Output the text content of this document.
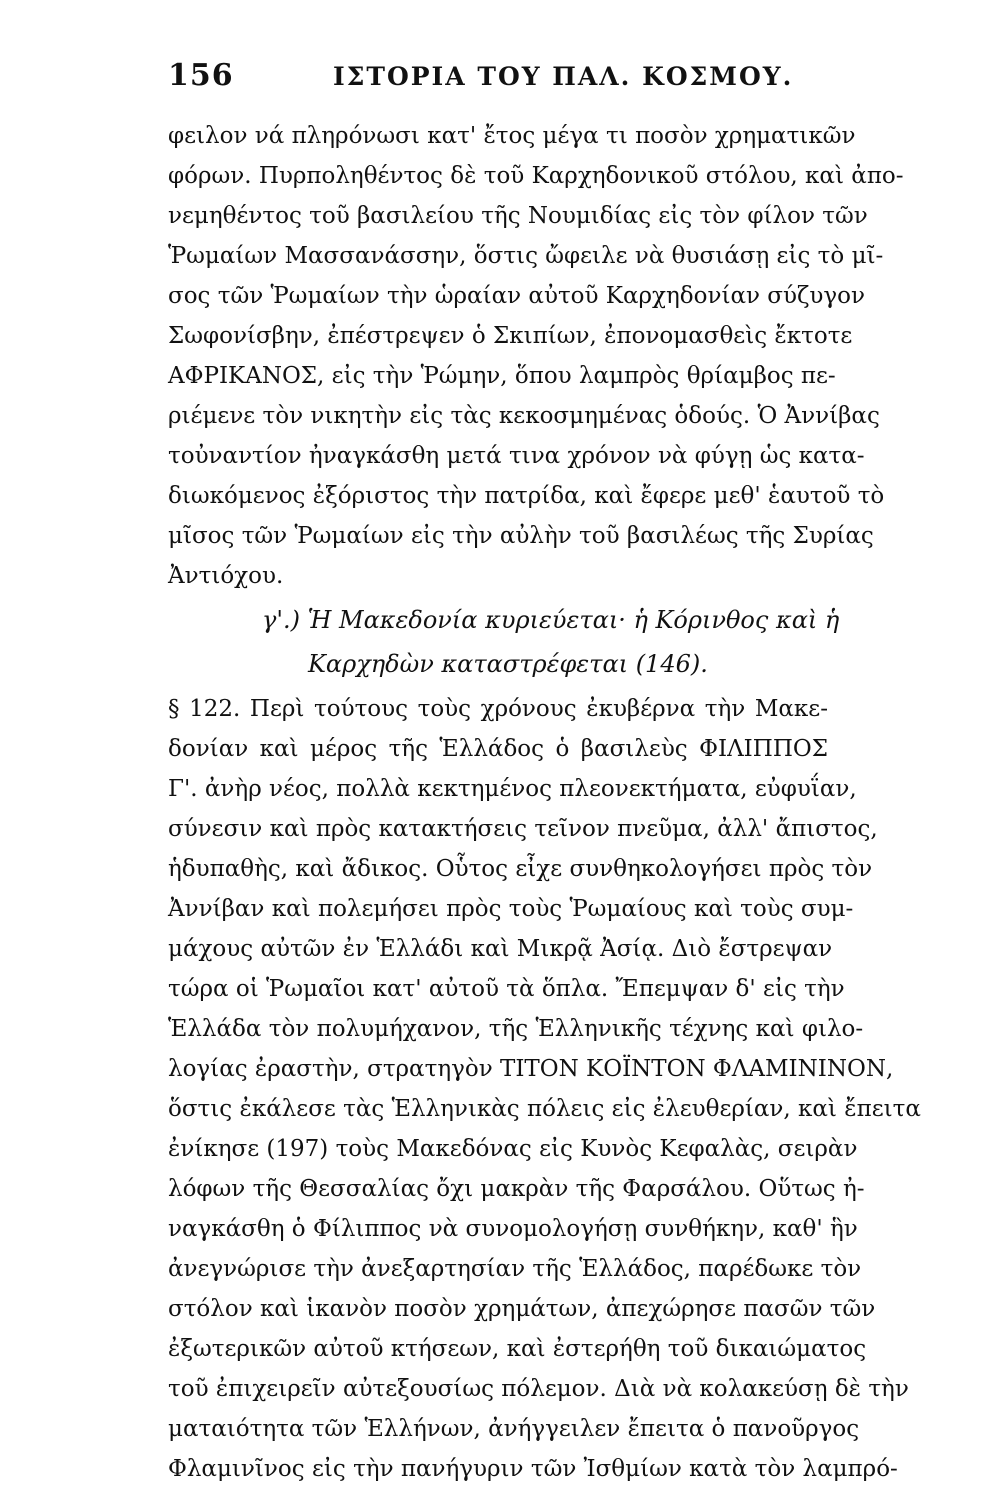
156	ΙΣΤΟΡΙΑ ΤΟΥ ΠΑΛ. ΚΟΣΜΟΥ.
φειλον νά πληρόνωσι κατ' ἔτος μέγα τι ποσὸν χρηματικῶν
φόρων. Πυρποληθέντος δὲ τοῦ Καρχηδονικοῦ στόλου, καὶ ἀπο-
νεμηθέντος τοῦ βασιλείου τῆς Νουμιδίας εἰς τὸν φίλον τῶν
Ῥωμαίων Μασσανάσσην, ὅστις ὤφειλε νὰ θυσιάσῃ εἰς τὸ μῖ-
σος τῶν Ῥωμαίων τὴν ὡραίαν αὐτοῦ Καρχηδονίαν σύζυγον
Σωφονίσβην, ἐπέστρεψεν ὁ Σκιπίων, ἐπονομασθεὶς ἔκτοτε
ΑΦΡΙΚΑΝΟΣ, εἰς τὴν Ῥώμην, ὅπου λαμπρὸς θρίαμβος πε-
ριέμενε τὸν νικητὴν εἰς τὰς κεκοσμημένας ὁδούς. Ὁ Ἀννίβας
τοὐναντίον ἠναγκάσθη μετά τινα χρόνον νὰ φύγῃ ὡς κατα-
διωκόμενος ἐξόριστος τὴν πατρίδα, καὶ ἔφερε μεθ' ἑαυτοῦ τὸ
μῖσος τῶν Ῥωμαίων εἰς τὴν αὐλὴν τοῦ βασιλέως τῆς Συρίας
Ἀντιόχου.
γ'.) Ἡ Μακεδονία κυριεύεται· ἡ Κόρινθος καὶ ἡ
Καρχηδὼν καταστρέφεται (146).
§ 122. Περὶ τούτους τοὺς χρόνους ἐκυβέρνα τὴν Μακε-
δονίαν καὶ μέρος τῆς Ἑλλάδος ὁ βασιλεὺς ΦΙΛΙΠΠΟΣ
Γ'. ἀνὴρ νέος, πολλὰ κεκτημένος πλεονεκτήματα, εὐφυΐαν,
σύνεσιν καὶ πρὸς κατακτήσεις τεῖνον πνεῦμα, ἀλλ' ἄπιστος,
ἡδυπαθὴς, καὶ ἄδικος. Οὗτος εἶχε συνθηκολογήσει πρὸς τὸν
Ἀννίβαν καὶ πολεμήσει πρὸς τοὺς Ῥωμαίους καὶ τοὺς συμ-
μάχους αὐτῶν ἐν Ἑλλάδι καὶ Μικρᾷ Ἀσίᾳ. Διὸ ἔστρεψαν
τώρα οἱ Ῥωμαῖοι κατ' αὐτοῦ τὰ ὅπλα. Ἔπεμψαν δ' εἰς τὴν
Ἑλλάδα τὸν πολυμήχανον, τῆς Ἑλληνικῆς τέχνης καὶ φιλο-
λογίας ἐραστὴν, στρατηγὸν ΤΙΤΟΝ ΚΟΪΝΤΟΝ ΦΛΑΜΙΝΙΝΟΝ,
ὅστις ἐκάλεσε τὰς Ἑλληνικὰς πόλεις εἰς ἐλευθερίαν, καὶ ἔπειτα
ἐνίκησε (197) τοὺς Μακεδόνας εἰς Κυνὸς Κεφαλὰς, σειρὰν
λόφων τῆς Θεσσαλίας ὄχι μακρὰν τῆς Φαρσάλου. Οὕτως ἠ-
ναγκάσθη ὁ Φίλιππος νὰ συνομολογήσῃ συνθήκην, καθ' ἣν
ἀνεγνώρισε τὴν ἀνεξαρτησίαν τῆς Ἑλλάδος, παρέδωκε τὸν
στόλον καὶ ἱκανὸν ποσὸν χρημάτων, ἀπεχώρησε πασῶν τῶν
ἐξωτερικῶν αὐτοῦ κτήσεων, καὶ ἐστερήθη τοῦ δικαιώματος
τοῦ ἐπιχειρεῖν αὐτεξουσίως πόλεμον. Διὰ νὰ κολακεύσῃ δὲ τὴν
ματαιότητα τῶν Ἑλλήνων, ἀνήγγειλεν ἔπειτα ὁ πανοῦργος
Φλαμινῖνος εἰς τὴν πανήγυριν τῶν Ἰσθμίων κατὰ τὸν λαμπρό-
